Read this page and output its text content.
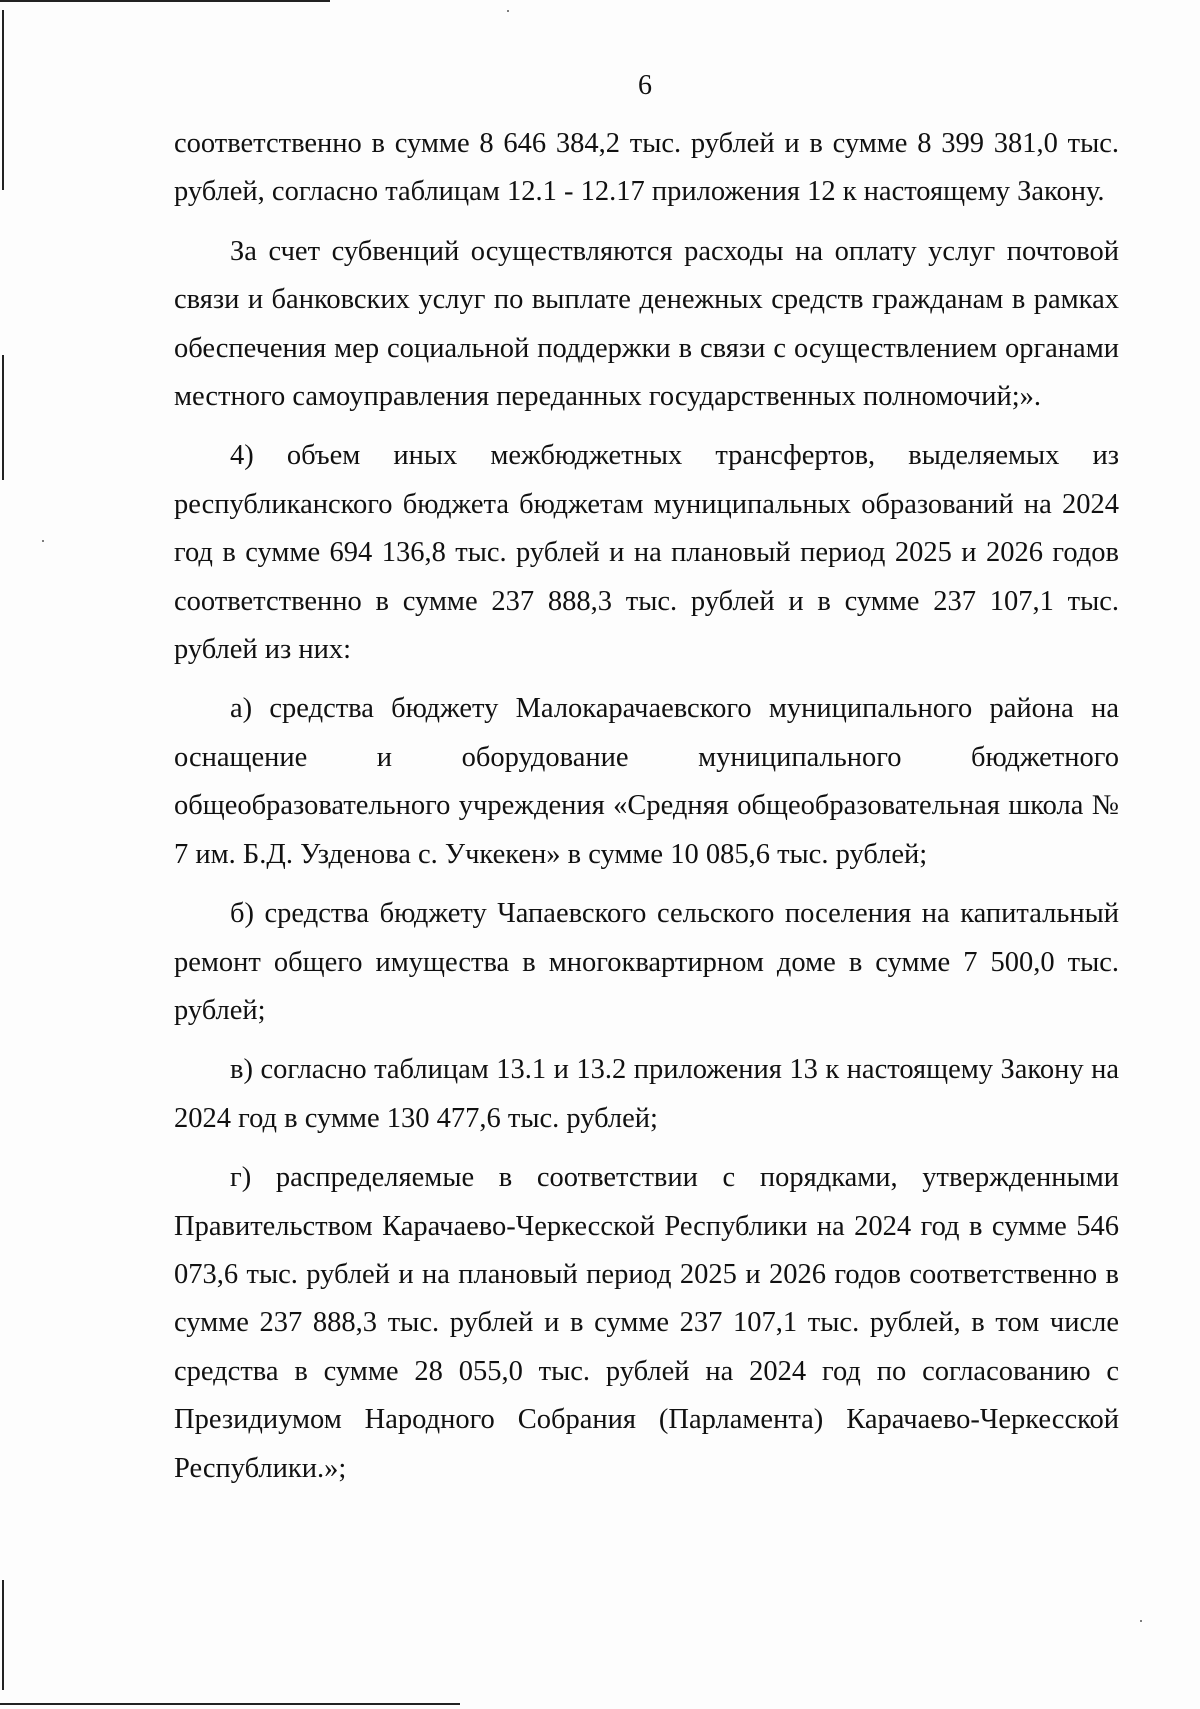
6

соответственно в сумме 8 646 384,2 тыс. рублей и в сумме 8 399 381,0 тыс. рублей, согласно таблицам 12.1 - 12.17 приложения 12 к настоящему Закону.

За счет субвенций осуществляются расходы на оплату услуг почтовой связи и банковских услуг по выплате денежных средств гражданам в рамках обеспечения мер социальной поддержки в связи с осуществлением органами местного самоуправления переданных государственных полномочий;».

4) объем иных межбюджетных трансфертов, выделяемых из республиканского бюджета бюджетам муниципальных образований на 2024 год в сумме 694 136,8 тыс. рублей и на плановый период 2025 и 2026 годов соответственно в сумме 237 888,3 тыс. рублей и в сумме 237 107,1 тыс. рублей из них:

а) средства бюджету Малокарачаевского муниципального района на оснащение и оборудование муниципального бюджетного общеобразовательного учреждения «Средняя общеобразовательная школа № 7 им. Б.Д. Узденова с. Учкекен» в сумме 10 085,6 тыс. рублей;

б) средства бюджету Чапаевского сельского поселения на капитальный ремонт общего имущества в многоквартирном доме в сумме 7 500,0 тыс. рублей;

в) согласно таблицам 13.1 и 13.2 приложения 13 к настоящему Закону на 2024 год в сумме 130 477,6 тыс. рублей;

г) распределяемые в соответствии с порядками, утвержденными Правительством Карачаево-Черкесской Республики на 2024 год в сумме 546 073,6 тыс. рублей и на плановый период 2025 и 2026 годов соответственно в сумме 237 888,3 тыс. рублей и в сумме 237 107,1 тыс. рублей, в том числе средства в сумме 28 055,0 тыс. рублей на 2024 год по согласованию с Президиумом Народного Собрания (Парламента) Карачаево-Черкесской Республики.»;
